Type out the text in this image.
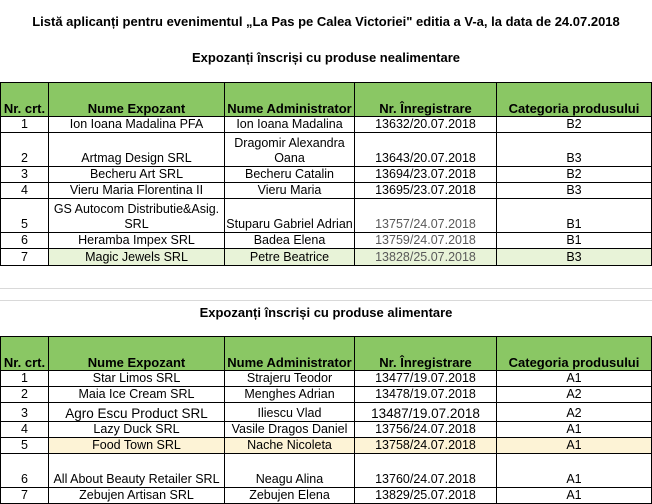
Listă aplicanți pentru evenimentul „La Pas pe Calea Victoriei" editia a V-a, la data de 24.07.2018
Expozanți înscriși cu produse nealimentare
Nr. crt.	Nume Expozant	Nume Administrator	Nr. Înregistrare	Categoria produsului
1	Ion Ioana Madalina PFA	Ion Ioana Madalina	13632/20.07.2018	B2
2	Artmag Design SRL	Dragomir Alexandra Oana	13643/20.07.2018	B3
3	Becheru Art SRL	Becheru Catalin	13694/23.07.2018	B2
4	Vieru Maria Florentina II	Vieru Maria	13695/23.07.2018	B3
5	GS Autocom Distributie&Asig. SRL	Stuparu Gabriel Adrian	13757/24.07.2018	B1
6	Heramba Impex SRL	Badea Elena	13759/24.07.2018	B1
7	Magic Jewels SRL	Petre Beatrice	13828/25.07.2018	B3
Expozanți înscriși cu produse alimentare
Nr. crt.	Nume Expozant	Nume Administrator	Nr. Înregistrare	Categoria produsului
1	Star Limos SRL	Strajeru Teodor	13477/19.07.2018	A1
2	Maia Ice Cream SRL	Menghes Adrian	13478/19.07.2018	A2
3	Agro Escu Product SRL	Iliescu Vlad	13487/19.07.2018	A2
4	Lazy Duck SRL	Vasile Dragos Daniel	13756/24.07.2018	A1
5	Food Town SRL	Nache Nicoleta	13758/24.07.2018	A1
6	All About Beauty Retailer SRL	Neagu Alina	13760/24.07.2018	A1
7	Zebujen Artisan SRL	Zebujen Elena	13829/25.07.2018	A1
